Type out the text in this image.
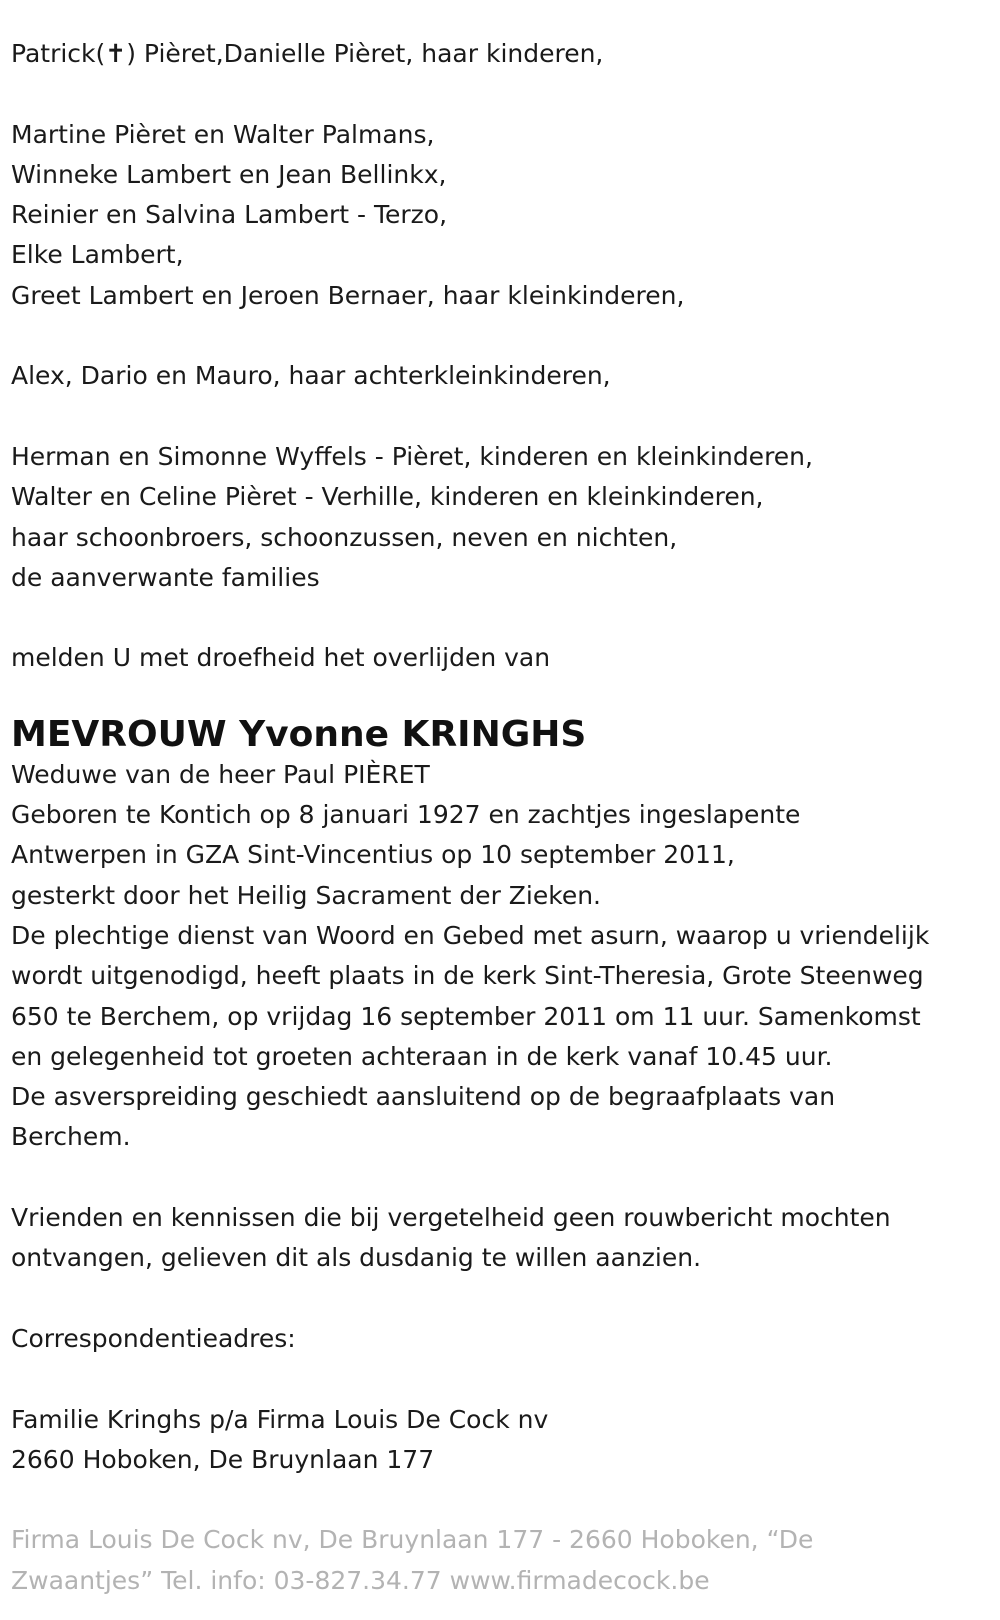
Patrick(✝) Pièret,Danielle Pièret, haar kinderen,

Martine Pièret en Walter Palmans,

Winneke Lambert en Jean Bellinkx,

Reinier en Salvina Lambert - Terzo,

Elke Lambert,

Greet Lambert en Jeroen Bernaer, haar kleinkinderen,

Alex, Dario en Mauro, haar achterkleinkinderen,

Herman en Simonne Wyffels - Pièret, kinderen en kleinkinderen,

Walter en Celine Pièret - Verhille, kinderen en kleinkinderen,

haar schoonbroers, schoonzussen, neven en nichten,

de aanverwante families

melden U met droefheid het overlijden van

MEVROUW Yvonne KRINGHS

Weduwe van de heer Paul PIÈRET

Geboren te Kontich op 8 januari 1927 en zachtjes ingeslapente

Antwerpen in GZA Sint-Vincentius op 10 september 2011,

gesterkt door het Heilig Sacrament der Zieken.

De plechtige dienst van Woord en Gebed met asurn, waarop u vriendelijk

wordt uitgenodigd, heeft plaats in de kerk Sint-Theresia, Grote Steenweg

650 te Berchem, op vrijdag 16 september 2011 om 11 uur. Samenkomst

en gelegenheid tot groeten achteraan in de kerk vanaf 10.45 uur.

De asverspreiding geschiedt aansluitend op de begraafplaats van

Berchem.

Vrienden en kennissen die bij vergetelheid geen rouwbericht mochten

ontvangen, gelieven dit als dusdanig te willen aanzien.

Correspondentieadres:

Familie Kringhs p/a Firma Louis De Cock nv

2660 Hoboken, De Bruynlaan 177

Firma Louis De Cock nv, De Bruynlaan 177 - 2660 Hoboken, “De

Zwaantjes” Tel. info: 03-827.34.77 www.firmadecock.be
